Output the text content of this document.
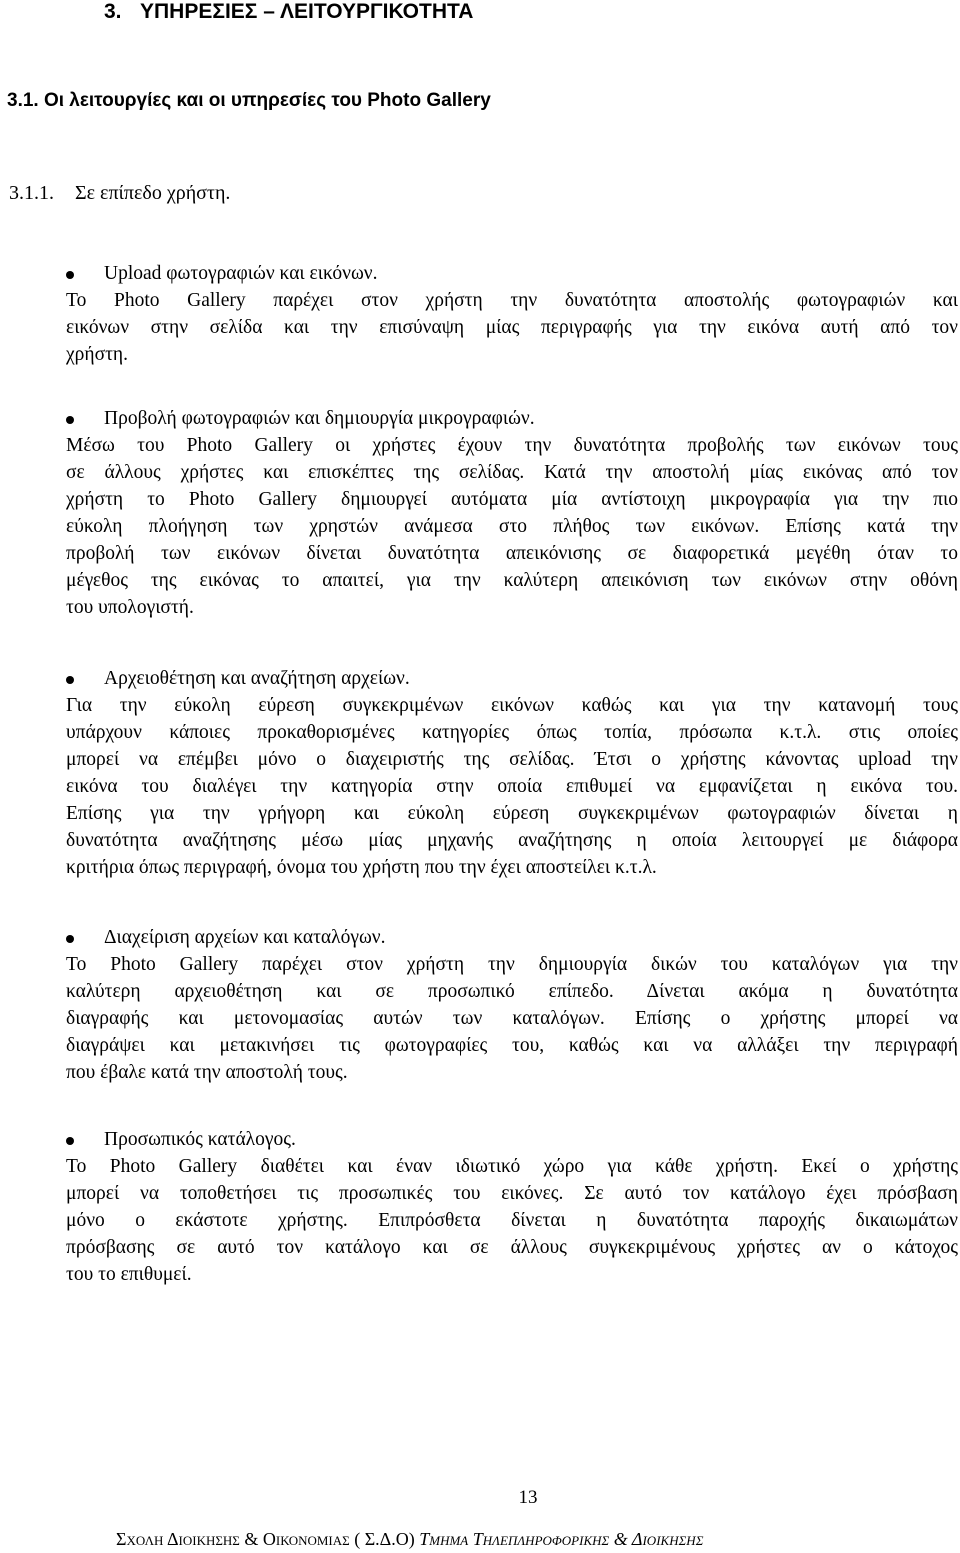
3. ΥΠΗΡΕΣΙΕΣ – ΛΕΙΤΟΥΡΓΙΚΟΤΗΤΑ
3.1. Οι λειτουργίες και οι υπηρεσίες του Photo Gallery
3.1.1. Σε επίπεδο χρήστη.
Upload φωτογραφιών και εικόνων.
Το Photo Gallery παρέχει στον χρήστη την δυνατότητα αποστολής φωτογραφιών και
εικόνων στην σελίδα και την επισύναψη μίας περιγραφής για την εικόνα αυτή από τον
χρήστη.
Προβολή φωτογραφιών και δημιουργία μικρογραφιών.
Μέσω του Photo Gallery οι χρήστες έχουν την δυνατότητα προβολής των εικόνων τους
σε άλλους χρήστες και επισκέπτες της σελίδας. Κατά την αποστολή μίας εικόνας από τον
χρήστη το Photo Gallery δημιουργεί αυτόματα μία αντίστοιχη μικρογραφία για την πιο
εύκολη πλοήγηση των χρηστών ανάμεσα στο πλήθος των εικόνων. Επίσης κατά την
προβολή των εικόνων δίνεται δυνατότητα απεικόνισης σε διαφορετικά μεγέθη όταν το
μέγεθος της εικόνας το απαιτεί, για την καλύτερη απεικόνιση των εικόνων στην οθόνη
του υπολογιστή.
Αρχειοθέτηση και αναζήτηση αρχείων.
Για την εύκολη εύρεση συγκεκριμένων εικόνων καθώς και για την κατανομή τους
υπάρχουν κάποιες προκαθορισμένες κατηγορίες όπως τοπία, πρόσωπα κ.τ.λ. στις οποίες
μπορεί να επέμβει μόνο ο διαχειριστής της σελίδας. Έτσι ο χρήστης κάνοντας upload την
εικόνα του διαλέγει την κατηγορία στην οποία επιθυμεί να εμφανίζεται η εικόνα του.
Επίσης για την γρήγορη και εύκολη εύρεση συγκεκριμένων φωτογραφιών δίνεται η
δυνατότητα αναζήτησης μέσω μίας μηχανής αναζήτησης η οποία λειτουργεί με διάφορα
κριτήρια όπως περιγραφή, όνομα του χρήστη που την έχει αποστείλει κ.τ.λ.
Διαχείριση αρχείων και καταλόγων.
Το Photo Gallery παρέχει στον χρήστη την δημιουργία δικών του καταλόγων για την
καλύτερη αρχειοθέτηση και σε προσωπικό επίπεδο. Δίνεται ακόμα η δυνατότητα
διαγραφής και μετονομασίας αυτών των καταλόγων. Επίσης ο χρήστης μπορεί να
διαγράψει και μετακινήσει τις φωτογραφίες του, καθώς και να αλλάξει την περιγραφή
που έβαλε κατά την αποστολή τους.
Προσωπικός κατάλογος.
Το Photo Gallery διαθέτει και έναν ιδιωτικό χώρο για κάθε χρήστη. Εκεί ο χρήστης
μπορεί να τοποθετήσει τις προσωπικές του εικόνες. Σε αυτό τον κατάλογο έχει πρόσβαση
μόνο ο εκάστοτε χρήστης. Επιπρόσθετα δίνεται η δυνατότητα παροχής δικαιωμάτων
πρόσβασης σε αυτό τον κατάλογο και σε άλλους συγκεκριμένους χρήστες αν ο κάτοχος
του το επιθυμεί.
13
Σχολη Διοικησης & Οικονομιας ( Σ.Δ.Ο) Τμημα Τηλεπληροφορικης & Διοικησης
